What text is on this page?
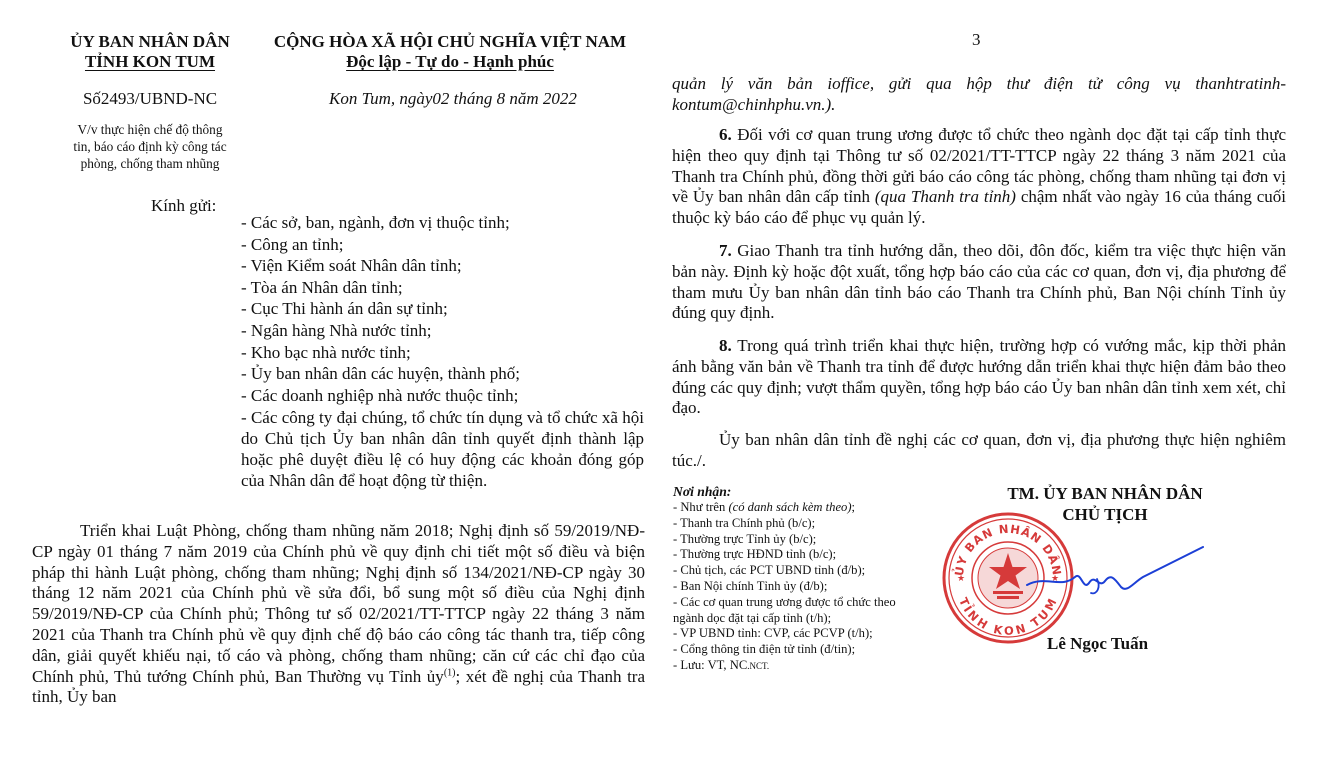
ỦY BAN NHÂN DÂN
TỈNH KON TUM
Số2493/UBND-NC
V/v thực hiện chế độ thông
tin, báo cáo định kỳ công tác
phòng, chống tham nhũng
CỘNG HÒA XÃ HỘI CHỦ NGHĨA VIỆT NAM
Độc lập - Tự do - Hạnh phúc
Kon Tum, ngày02 tháng 8 năm 2022
Kính gửi:
- Các sở, ban, ngành, đơn vị thuộc tỉnh;
- Công an tỉnh;
- Viện Kiểm soát Nhân dân tỉnh;
- Tòa án Nhân dân tỉnh;
- Cục Thi hành án dân sự tỉnh;
- Ngân hàng Nhà nước tỉnh;
- Kho bạc nhà nước tỉnh;
- Ủy ban nhân dân các huyện, thành phố;
- Các doanh nghiệp nhà nước thuộc tỉnh;
- Các công ty đại chúng, tổ chức tín dụng và tổ chức xã hội do Chủ tịch Ủy ban nhân dân tỉnh quyết định thành lập hoặc phê duyệt điều lệ có huy động các khoản đóng góp của Nhân dân để hoạt động từ thiện.
Triển khai Luật Phòng, chống tham nhũng năm 2018; Nghị định số 59/2019/NĐ-CP ngày 01 tháng 7 năm 2019 của Chính phủ về quy định chi tiết một số điều và biện pháp thi hành Luật phòng, chống tham nhũng; Nghị định số 134/2021/NĐ-CP ngày 30 tháng 12 năm 2021 của Chính phủ về sửa đổi, bổ sung một số điều của Nghị định 59/2019/NĐ-CP của Chính phủ; Thông tư số 02/2021/TT-TTCP ngày 22 tháng 3 năm 2021 của Thanh tra Chính phủ về quy định chế độ báo cáo công tác thanh tra, tiếp công dân, giải quyết khiếu nại, tố cáo và phòng, chống tham nhũng; căn cứ các chỉ đạo của Chính phủ, Thủ tướng Chính phủ, Ban Thường vụ Tỉnh ủy$^{(1)}$; xét đề nghị của Thanh tra tỉnh, Ủy ban
3
quản lý văn bản ioffice, gửi qua hộp thư điện tử công vụ thanhtratinh-kontum@chinhphu.vn.).
6. Đối với cơ quan trung ương được tổ chức theo ngành dọc đặt tại cấp tỉnh thực hiện theo quy định tại Thông tư số 02/2021/TT-TTCP ngày 22 tháng 3 năm 2021 của Thanh tra Chính phủ, đồng thời gửi báo cáo công tác phòng, chống tham nhũng tại đơn vị về Ủy ban nhân dân cấp tỉnh (qua Thanh tra tỉnh) chậm nhất vào ngày 16 của tháng cuối thuộc kỳ báo cáo để phục vụ quản lý.
7. Giao Thanh tra tỉnh hướng dẫn, theo dõi, đôn đốc, kiểm tra việc thực hiện văn bản này. Định kỳ hoặc đột xuất, tổng hợp báo cáo của các cơ quan, đơn vị, địa phương để tham mưu Ủy ban nhân dân tỉnh báo cáo Thanh tra Chính phủ, Ban Nội chính Tỉnh ủy đúng quy định.
8. Trong quá trình triển khai thực hiện, trường hợp có vướng mắc, kịp thời phản ánh bằng văn bản về Thanh tra tỉnh để được hướng dẫn triển khai thực hiện đảm bảo theo đúng các quy định; vượt thẩm quyền, tổng hợp báo cáo Ủy ban nhân dân tỉnh xem xét, chỉ đạo.
Ủy ban nhân dân tỉnh đề nghị các cơ quan, đơn vị, địa phương thực hiện nghiêm túc./.
Nơi nhận:
- Như trên (có danh sách kèm theo);
- Thanh tra Chính phủ (b/c);
- Thường trực Tỉnh ủy (b/c);
- Thường trực HĐND tỉnh (b/c);
- Chủ tịch, các PCT UBND tỉnh (đ/b);
- Ban Nội chính Tỉnh ủy (đ/b);
- Các cơ quan trung ương được tổ chức theo ngành dọc đặt tại cấp tỉnh (t/h);
- VP UBND tỉnh: CVP, các PCVP (t/h);
- Cổng thông tin điện tử tỉnh (đ/tin);
- Lưu: VT, NC.NCT.
TM. ỦY BAN NHÂN DÂN
CHỦ TỊCH
ỦY BAN NHÂN DÂN
TỈNH KON TUM
★	★
Lê Ngọc Tuấn
